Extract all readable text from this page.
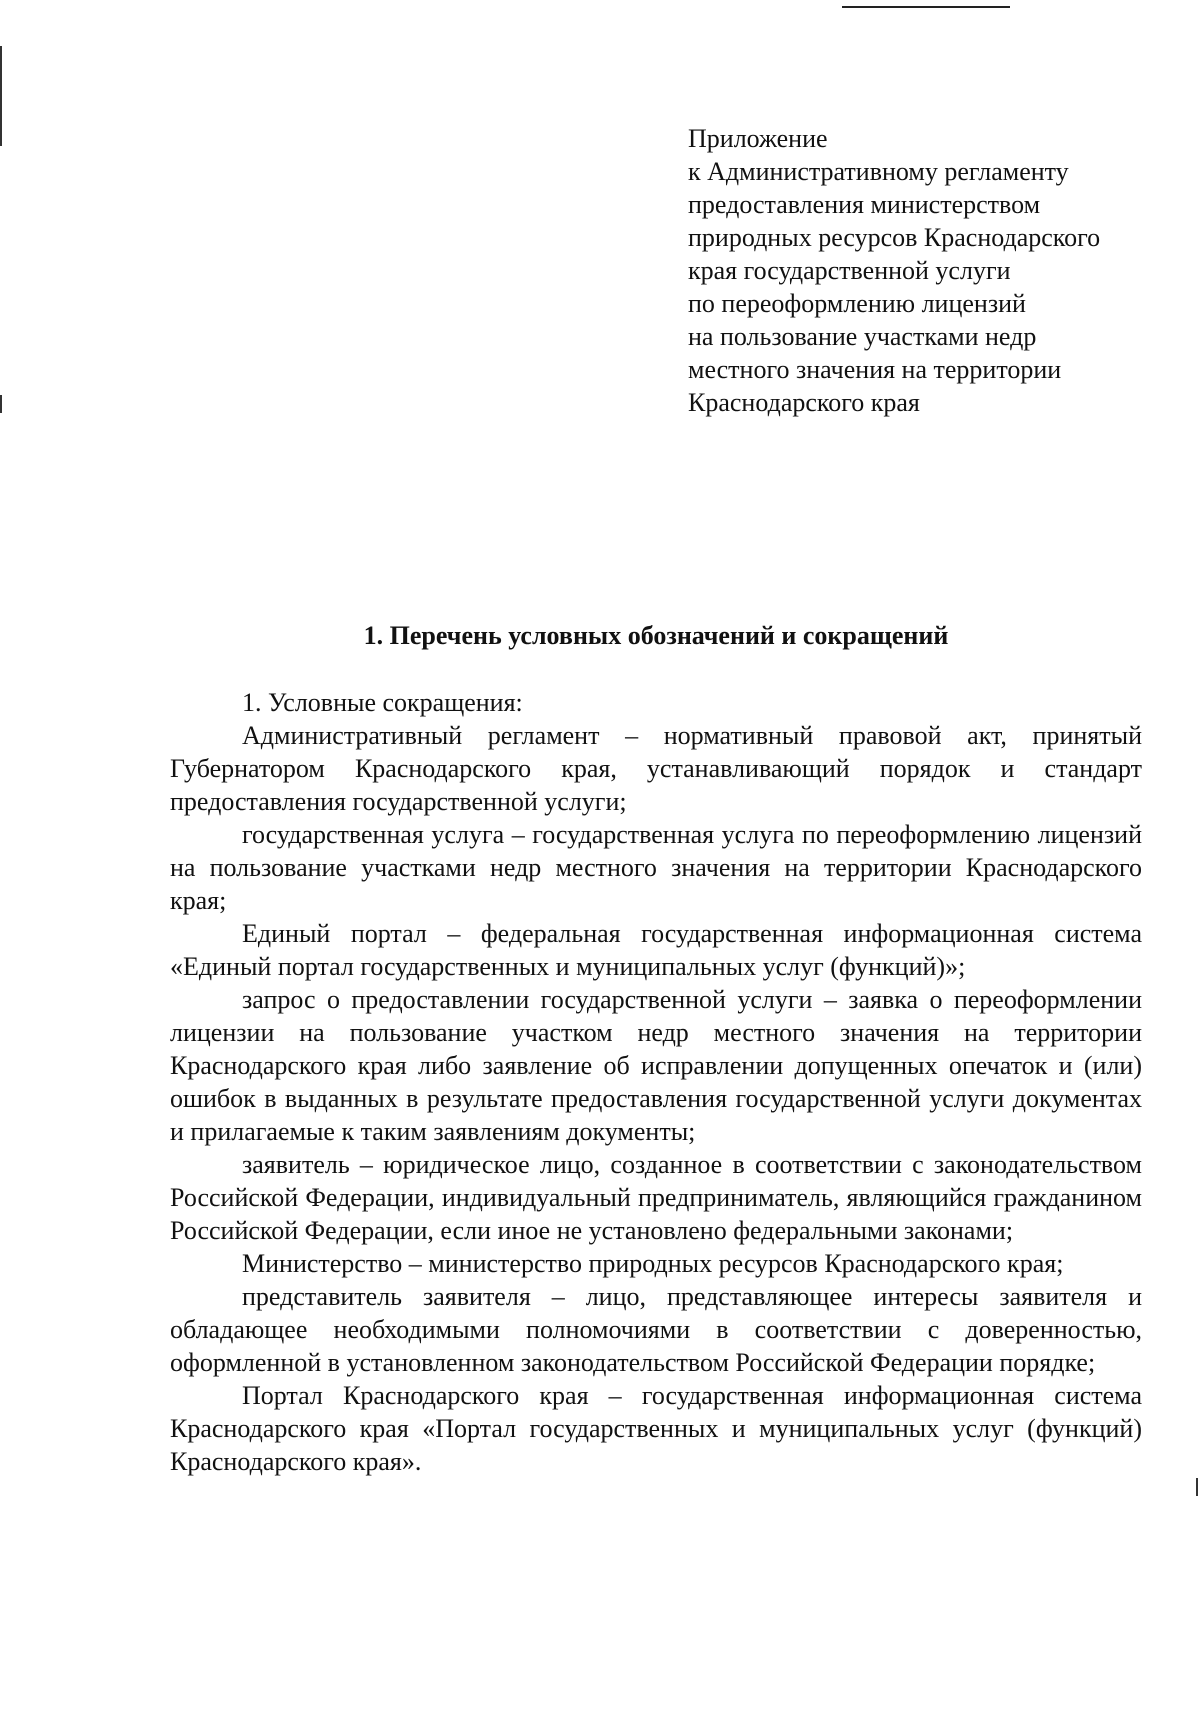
Приложение
к Административному регламенту
предоставления министерством
природных ресурсов Краснодарского
края государственной услуги
по переоформлению лицензий
на пользование участками недр
местного значения на территории
Краснодарского края
1. Перечень условных обозначений и сокращений

1. Условные сокращения:

Административный регламент – нормативный правовой акт, принятый Губернатором Краснодарского края, устанавливающий порядок и стандарт предоставления государственной услуги;

государственная услуга – государственная услуга по переоформлению лицензий на пользование участками недр местного значения на территории Краснодарского края;

Единый портал – федеральная государственная информационная система «Единый портал государственных и муниципальных услуг (функций)»;

запрос о предоставлении государственной услуги – заявка о переоформлении лицензии на пользование участком недр местного значения на территории Краснодарского края либо заявление об исправлении допущенных опечаток и (или) ошибок в выданных в результате предоставления государственной услуги документах и прилагаемые к таким заявлениям документы;

заявитель – юридическое лицо, созданное в соответствии с законодательством Российской Федерации, индивидуальный предприниматель, являющийся гражданином Российской Федерации, если иное не установлено федеральными законами;

Министерство – министерство природных ресурсов Краснодарского края;

представитель заявителя – лицо, представляющее интересы заявителя и обладающее необходимыми полномочиями в соответствии с доверенностью, оформленной в установленном законодательством Российской Федерации порядке;

Портал Краснодарского края – государственная информационная система Краснодарского края «Портал государственных и муниципальных услуг (функций) Краснодарского края».
